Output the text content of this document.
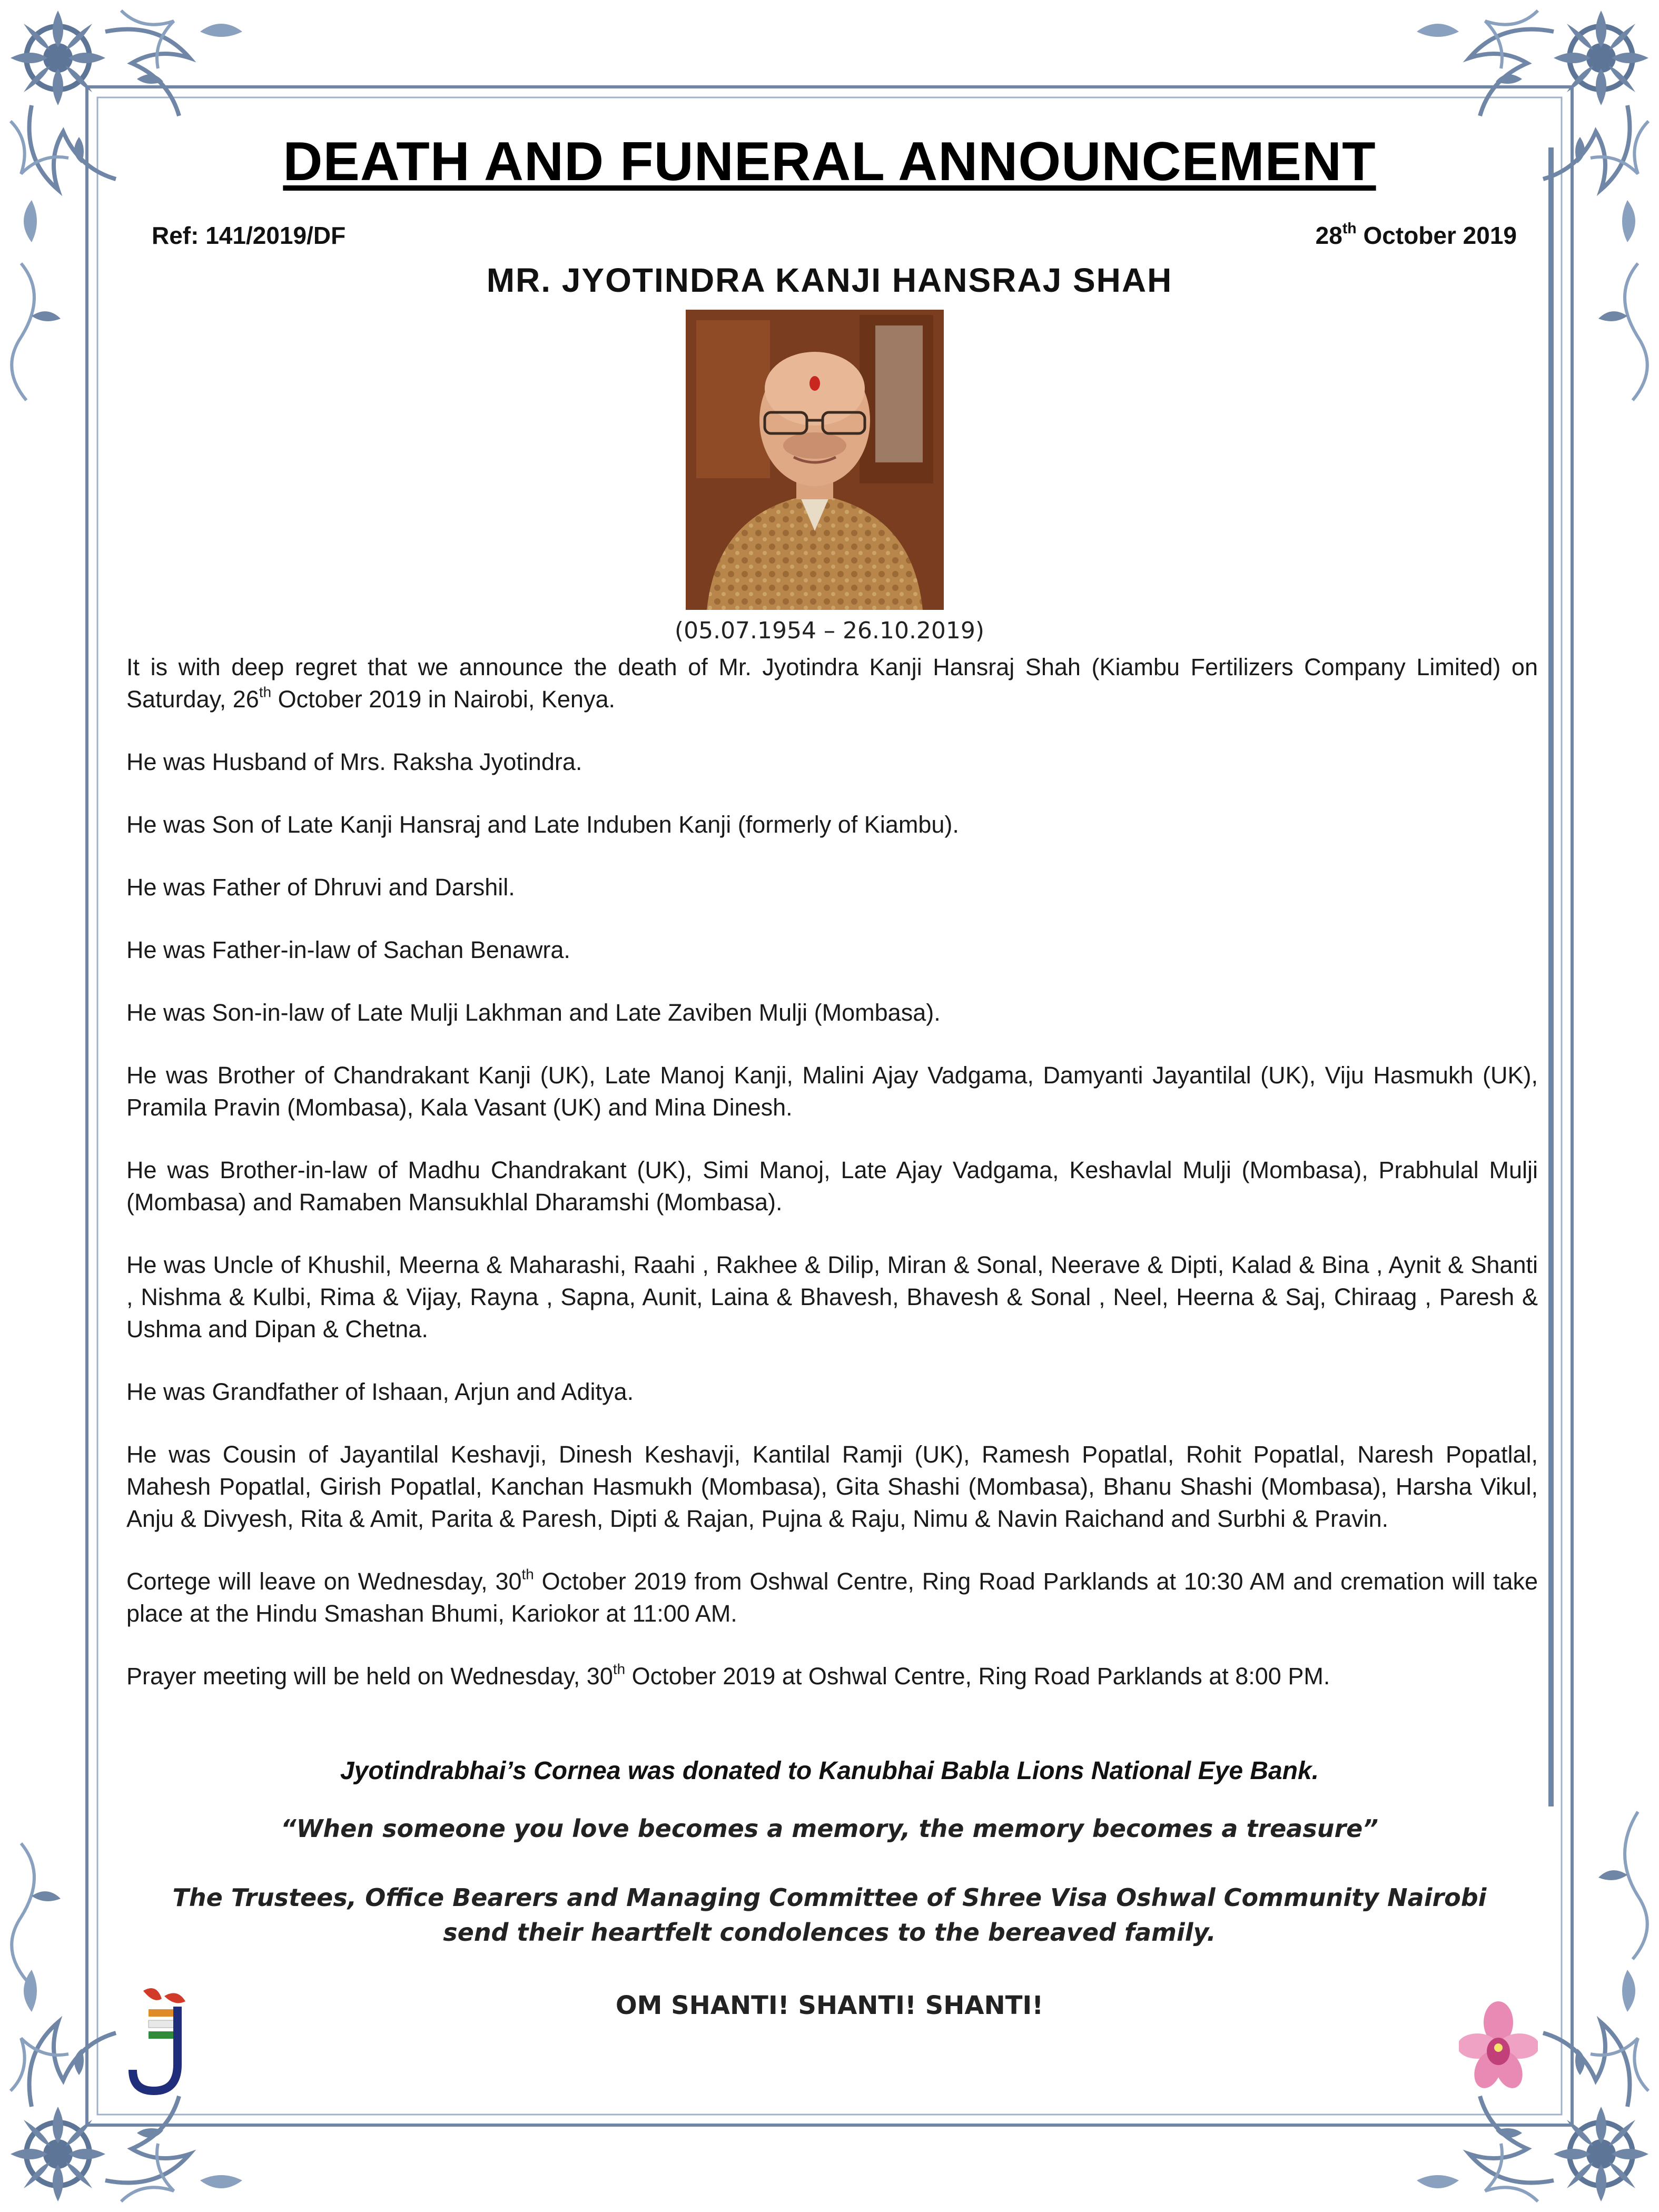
DEATH AND FUNERAL ANNOUNCEMENT
Ref: 141/2019/DF	28th October 2019
MR. JYOTINDRA KANJI HANSRAJ SHAH
(05.07.1954 – 26.10.2019)

It is with deep regret that we announce the death of Mr. Jyotindra Kanji Hansraj Shah (Kiambu Fertilizers Company Limited) on Saturday, 26th October 2019 in Nairobi, Kenya.

He was Husband of Mrs. Raksha Jyotindra.

He was Son of Late Kanji Hansraj and Late Induben Kanji (formerly of Kiambu).

He was Father of Dhruvi and Darshil.

He was Father-in-law of Sachan Benawra.

He was Son-in-law of Late Mulji Lakhman and Late Zaviben Mulji (Mombasa).

He was Brother of Chandrakant Kanji (UK), Late Manoj Kanji, Malini Ajay Vadgama, Damyanti Jayantilal (UK), Viju Hasmukh (UK), Pramila Pravin (Mombasa), Kala Vasant (UK) and Mina Dinesh.

He was Brother-in-law of Madhu Chandrakant (UK), Simi Manoj, Late Ajay Vadgama, Keshavlal Mulji (Mombasa), Prabhulal Mulji (Mombasa) and Ramaben Mansukhlal Dharamshi (Mombasa).

He was Uncle of Khushil, Meerna & Maharashi, Raahi , Rakhee & Dilip, Miran & Sonal, Neerave & Dipti, Kalad & Bina , Aynit & Shanti , Nishma & Kulbi, Rima & Vijay, Rayna , Sapna, Aunit, Laina & Bhavesh, Bhavesh & Sonal , Neel, Heerna & Saj, Chiraag , Paresh & Ushma and Dipan & Chetna.

He was Grandfather of Ishaan, Arjun and Aditya.

He was Cousin of Jayantilal Keshavji, Dinesh Keshavji, Kantilal Ramji (UK), Ramesh Popatlal, Rohit Popatlal, Naresh Popatlal, Mahesh Popatlal, Girish Popatlal, Kanchan Hasmukh (Mombasa), Gita Shashi (Mombasa), Bhanu Shashi (Mombasa), Harsha Vikul, Anju & Divyesh, Rita & Amit, Parita & Paresh, Dipti & Rajan, Pujna & Raju, Nimu & Navin Raichand and Surbhi & Pravin.

Cortege will leave on Wednesday, 30th October 2019 from Oshwal Centre, Ring Road Parklands at 10:30 AM and cremation will take place at the Hindu Smashan Bhumi, Kariokor at 11:00 AM.

Prayer meeting will be held on Wednesday, 30th October 2019 at Oshwal Centre, Ring Road Parklands at 8:00 PM.

Jyotindrabhai’s Cornea was donated to Kanubhai Babla Lions National Eye Bank.
“When someone you love becomes a memory, the memory becomes a treasure”
The Trustees, Office Bearers and Managing Committee of Shree Visa Oshwal Community Nairobi
send their heartfelt condolences to the bereaved family.
OM SHANTI! SHANTI! SHANTI!
